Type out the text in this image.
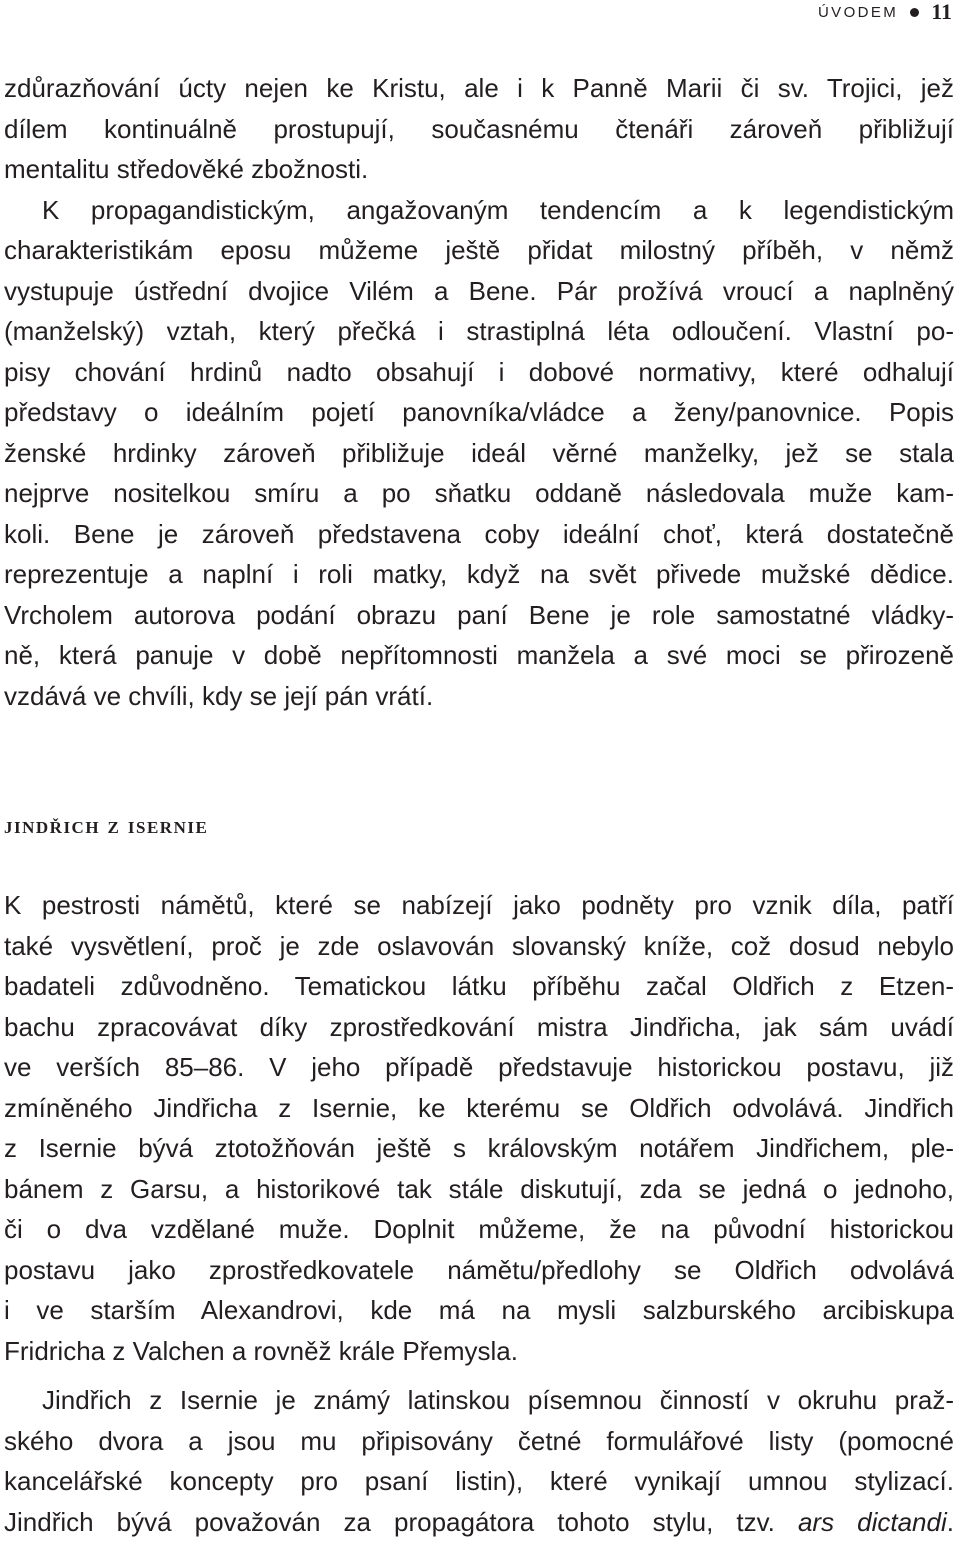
ÚVODEM 11

zdůrazňování úcty nejen ke Kristu, ale i k Panně Marii či sv. Trojici, jež
dílem kontinuálně prostupují, současnému čtenáři zároveň přibližují
mentalitu středověké zbožnosti.
K propagandistickým, angažovaným tendencím a k legendistickým
charakteristikám eposu můžeme ještě přidat milostný příběh, v němž
vystupuje ústřední dvojice Vilém a Bene. Pár prožívá vroucí a naplněný
(manželský) vztah, který přečká i strastiplná léta odloučení. Vlastní po-
pisy chování hrdinů nadto obsahují i dobové normativy, které odhalují
představy o ideálním pojetí panovníka/vládce a ženy/panovnice. Popis
ženské hrdinky zároveň přibližuje ideál věrné manželky, jež se stala
nejprve nositelkou smíru a po sňatku oddaně následovala muže kam-
koli. Bene je zároveň představena coby ideální choť, která dostatečně
reprezentuje a naplní i roli matky, když na svět přivede mužské dědice.
Vrcholem autorova podání obrazu paní Bene je role samostatné vládky-
ně, která panuje v době nepřítomnosti manžela a své moci se přirozeně
vzdává ve chvíli, kdy se její pán vrátí.

jindřich z isernie

K pestrosti námětů, které se nabízejí jako podněty pro vznik díla, patří
také vysvětlení, proč je zde oslavován slovanský kníže, což dosud nebylo
badateli zdůvodněno. Tematickou látku příběhu začal Oldřich z Etzen-
bachu zpracovávat díky zprostředkování mistra Jindřicha, jak sám uvádí
ve verších 85–86. V jeho případě představuje historickou postavu, již
zmíněného Jindřicha z Isernie, ke kterému se Oldřich odvolává. Jindřich
z Isernie bývá ztotožňován ještě s královským notářem Jindřichem, ple-
bánem z Garsu, a historikové tak stále diskutují, zda se jedná o jednoho,
či o dva vzdělané muže. Doplnit můžeme, že na původní historickou
postavu jako zprostředkovatele námětu/předlohy se Oldřich odvolává
i ve starším Alexandrovi, kde má na mysli salzburského arcibiskupa
Fridricha z Valchen a rovněž krále Přemysla.

Jindřich z Isernie je známý latinskou písemnou činností v okruhu praž-
ského dvora a jsou mu připisovány četné formulářové listy (pomocné
kancelářské koncepty pro psaní listin), které vynikají umnou stylizací.
Jindřich bývá považován za propagátora tohoto stylu, tzv. ars dictandi.
